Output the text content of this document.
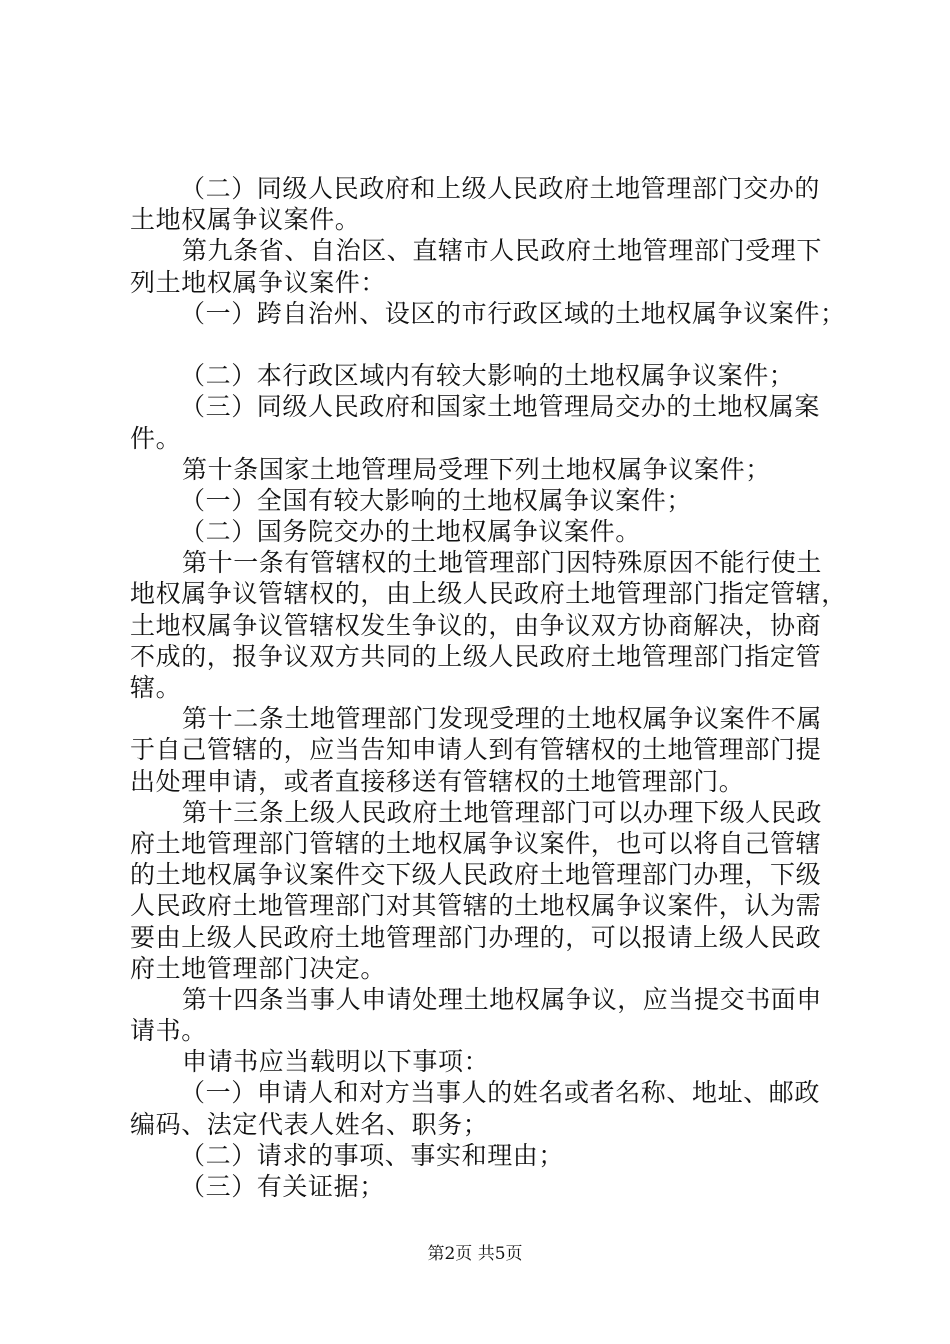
（二）同级人民政府和上级人民政府土地管理部门交办的
土地权属争议案件。
第九条省、自治区、直辖市人民政府土地管理部门受理下
列土地权属争议案件：
（一）跨自治州、设区的市行政区域的土地权属争议案件；
（二）本行政区域内有较大影响的土地权属争议案件；
（三）同级人民政府和国家土地管理局交办的土地权属案
件。
第十条国家土地管理局受理下列土地权属争议案件；
（一）全国有较大影响的土地权属争议案件；
（二）国务院交办的土地权属争议案件。
第十一条有管辖权的土地管理部门因特殊原因不能行使土
地权属争议管辖权的，由上级人民政府土地管理部门指定管辖，
土地权属争议管辖权发生争议的，由争议双方协商解决，协商
不成的，报争议双方共同的上级人民政府土地管理部门指定管
辖。
第十二条土地管理部门发现受理的土地权属争议案件不属
于自己管辖的，应当告知申请人到有管辖权的土地管理部门提
出处理申请，或者直接移送有管辖权的土地管理部门。
第十三条上级人民政府土地管理部门可以办理下级人民政
府土地管理部门管辖的土地权属争议案件，也可以将自己管辖
的土地权属争议案件交下级人民政府土地管理部门办理，下级
人民政府土地管理部门对其管辖的土地权属争议案件，认为需
要由上级人民政府土地管理部门办理的，可以报请上级人民政
府土地管理部门决定。
第十四条当事人申请处理土地权属争议，应当提交书面申
请书。
申请书应当载明以下事项：
（一）申请人和对方当事人的姓名或者名称、地址、邮政
编码、法定代表人姓名、职务；
（二）请求的事项、事实和理由；
（三）有关证据；
第2页 共5页
